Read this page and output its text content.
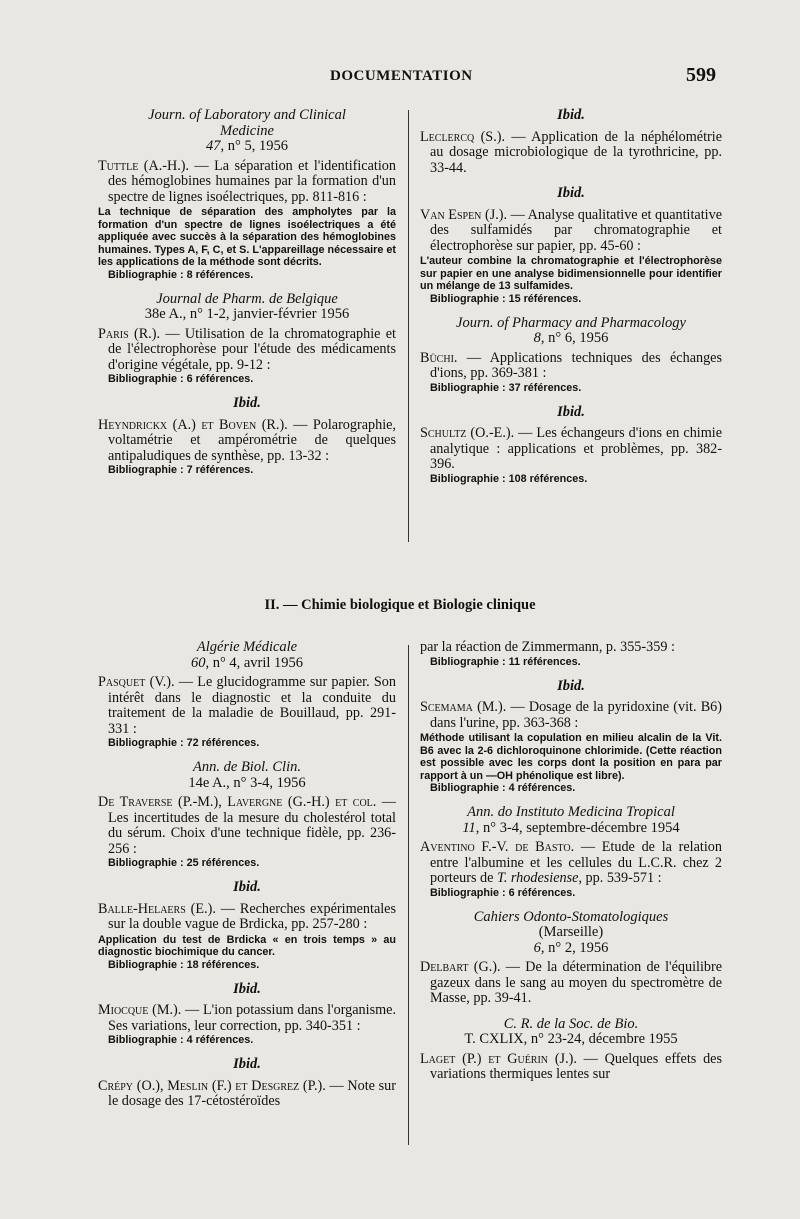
DOCUMENTATION	599

Journ. of Laboratory and Clinical

Medicine

47, n° 5, 1956

Tuttle (A.-H.). — La séparation et l'identification des hémoglobines humaines par la formation d'un spectre de lignes isoélectriques, pp. 811-816 :

La technique de séparation des ampholytes par la formation d'un spectre de lignes isoélectriques a été appliquée avec succès à la séparation des hémoglobines humaines. Types A, F, C, et S. L'appareillage nécessaire et les applications de la méthode sont décrits.

Bibliographie : 8 références.

Journal de Pharm. de Belgique

38e A., n° 1-2, janvier-février 1956

Paris (R.). — Utilisation de la chromatographie et de l'électrophorèse pour l'étude des médicaments d'origine végétale, pp. 9-12 :

Bibliographie : 6 références.

Ibid.

Heyndrickx (A.) et Boven (R.). — Polarographie, voltamétrie et ampérométrie de quelques antipaludiques de synthèse, pp. 13-32 :

Bibliographie : 7 références.

Ibid.

Leclercq (S.). — Application de la néphélométrie au dosage microbiologique de la tyrothricine, pp. 33-44.

Ibid.

Van Espen (J.). — Analyse qualitative et quantitative des sulfamidés par chromatographie et électrophorèse sur papier, pp. 45-60 :

L'auteur combine la chromatographie et l'électrophorèse sur papier en une analyse bidimensionnelle pour identifier un mélange de 13 sulfamides.

Bibliographie : 15 références.

Journ. of Pharmacy and Pharmacology

8, n° 6, 1956

Büchi. — Applications techniques des échanges d'ions, pp. 369-381 :

Bibliographie : 37 références.

Ibid.

Schultz (O.-E.). — Les échangeurs d'ions en chimie analytique : applications et problèmes, pp. 382-396.

Bibliographie : 108 références.

II. — Chimie biologique et Biologie clinique

Algérie Médicale

60, n° 4, avril 1956

Pasquet (V.). — Le glucidogramme sur papier. Son intérêt dans le diagnostic et la conduite du traitement de la maladie de Bouillaud, pp. 291-331 :

Bibliographie : 72 références.

Ann. de Biol. Clin.

14e A., n° 3-4, 1956

De Traverse (P.-M.), Lavergne (G.-H.) et col. — Les incertitudes de la mesure du cholestérol total du sérum. Choix d'une technique fidèle, pp. 236-256 :

Bibliographie : 25 références.

Ibid.

Balle-Helaers (E.). — Recherches expérimentales sur la double vague de Brdicka, pp. 257-280 :

Application du test de Brdicka « en trois temps » au diagnostic biochimique du cancer.

Bibliographie : 18 références.

Ibid.

Miocque (M.). — L'ion potassium dans l'organisme. Ses variations, leur correction, pp. 340-351 :

Bibliographie : 4 références.

Ibid.

Crépy (O.), Meslin (F.) et Desgrez (P.). — Note sur le dosage des 17-cétostéroïdes

par la réaction de Zimmermann, p. 355-359 :

Bibliographie : 11 références.

Ibid.

Scemama (M.). — Dosage de la pyridoxine (vit. B6) dans l'urine, pp. 363-368 :

Méthode utilisant la copulation en milieu alcalin de la Vit. B6 avec la 2-6 dichloroquinone chlorimide. (Cette réaction est possible avec les corps dont la position en para par rapport à un —OH phénolique est libre).

Bibliographie : 4 références.

Ann. do Instituto Medicina Tropical

11, n° 3-4, septembre-décembre 1954

Aventino F.-V. de Basto. — Etude de la relation entre l'albumine et les cellules du L.C.R. chez 2 porteurs de T. rhodesiense, pp. 539-571 :

Bibliographie : 6 références.

Cahiers Odonto-Stomatologiques

(Marseille)

6, n° 2, 1956

Delbart (G.). — De la détermination de l'équilibre gazeux dans le sang au moyen du spectromètre de Masse, pp. 39-41.

C. R. de la Soc. de Bio.

T. CXLIX, n° 23-24, décembre 1955

Laget (P.) et Guérin (J.). — Quelques effets des variations thermiques lentes sur
